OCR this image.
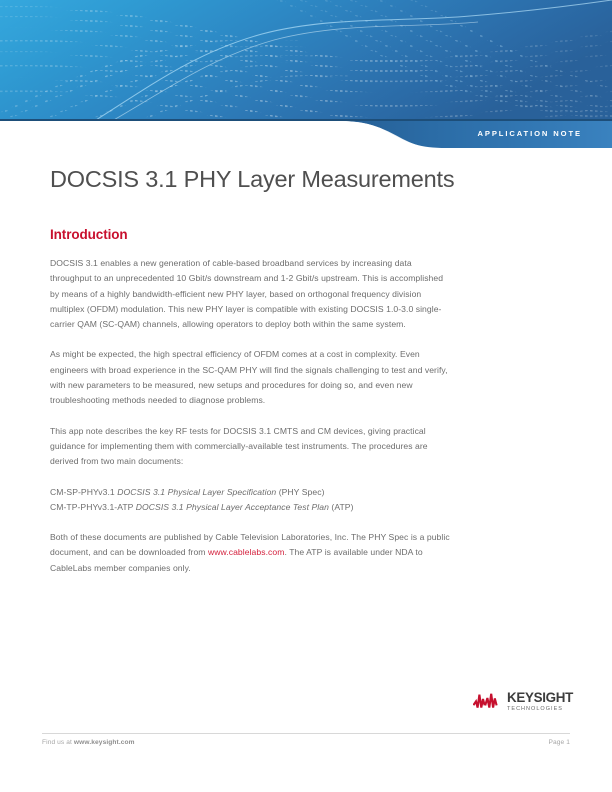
APPLICATION NOTE
DOCSIS 3.1 PHY Layer Measurements
Introduction

DOCSIS 3.1 enables a new generation of cable-based broadband services by increasing data throughput to an unprecedented 10 Gbit/s downstream and 1-2 Gbit/s upstream. This is accomplished by means of a highly bandwidth-efficient new PHY layer, based on orthogonal frequency division multiplex (OFDM) modulation. This new PHY layer is compatible with existing DOCSIS 1.0-3.0 single-carrier QAM (SC-QAM) channels, allowing operators to deploy both within the same system.

As might be expected, the high spectral efficiency of OFDM comes at a cost in complexity. Even engineers with broad experience in the SC-QAM PHY will find the signals challenging to test and verify, with new parameters to be measured, new setups and procedures for doing so, and even new troubleshooting methods needed to diagnose problems.

This app note describes the key RF tests for DOCSIS 3.1 CMTS and CM devices, giving practical guidance for implementing them with commercially-available test instruments. The procedures are derived from two main documents:

CM-SP-PHYv3.1 DOCSIS 3.1 Physical Layer Specification (PHY Spec)
CM-TP-PHYv3.1-ATP DOCSIS 3.1 Physical Layer Acceptance Test Plan (ATP)

Both of these documents are published by Cable Television Laboratories, Inc. The PHY Spec is a public document, and can be downloaded from www.cablelabs.com. The ATP is available under NDA to CableLabs member companies only.

KEYSIGHT
TECHNOLOGIES
Find us at www.keysight.com	Page 1
